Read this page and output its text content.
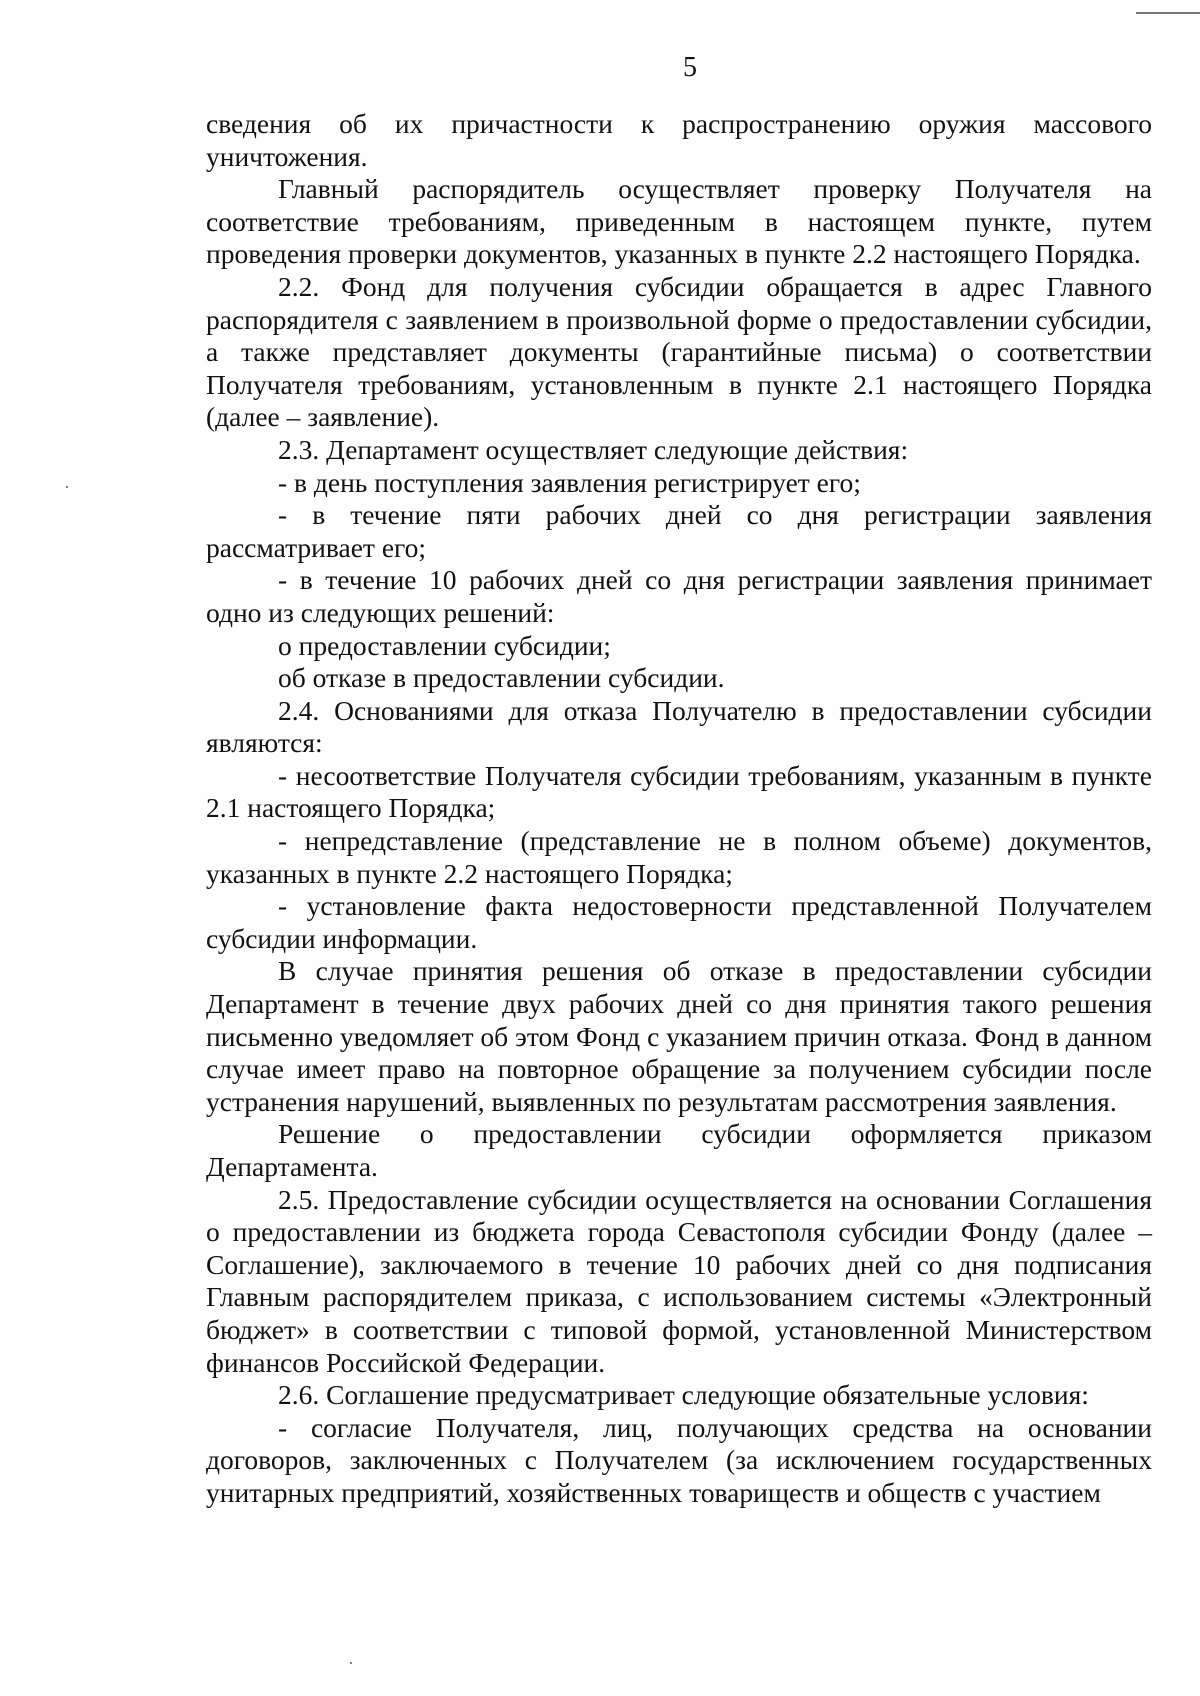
5

сведения об их причастности к распространению оружия массового уничтожения.

Главный распорядитель осуществляет проверку Получателя на соответствие требованиям, приведенным в настоящем пункте, путем проведения проверки документов, указанных в пункте 2.2 настоящего Порядка.

2.2. Фонд для получения субсидии обращается в адрес Главного распорядителя с заявлением в произвольной форме о предоставлении субсидии, а также представляет документы (гарантийные письма) о соответствии Получателя требованиям, установленным в пункте 2.1 настоящего Порядка (далее – заявление).

2.3. Департамент осуществляет следующие действия:

- в день поступления заявления регистрирует его;

- в течение пяти рабочих дней со дня регистрации заявления рассматривает его;

- в течение 10 рабочих дней со дня регистрации заявления принимает одно из следующих решений:

о предоставлении субсидии;

об отказе в предоставлении субсидии.

2.4. Основаниями для отказа Получателю в предоставлении субсидии являются:

- несоответствие Получателя субсидии требованиям, указанным в пункте 2.1 настоящего Порядка;

- непредставление (представление не в полном объеме) документов, указанных в пункте 2.2 настоящего Порядка;

- установление факта недостоверности представленной Получателем субсидии информации.

В случае принятия решения об отказе в предоставлении субсидии Департамент в течение двух рабочих дней со дня принятия такого решения письменно уведомляет об этом Фонд с указанием причин отказа. Фонд в данном случае имеет право на повторное обращение за получением субсидии после устранения нарушений, выявленных по результатам рассмотрения заявления.

Решение о предоставлении субсидии оформляется приказом Департамента.

2.5. Предоставление субсидии осуществляется на основании Соглашения о предоставлении из бюджета города Севастополя субсидии Фонду (далее – Соглашение), заключаемого в течение 10 рабочих дней со дня подписания Главным распорядителем приказа, с использованием системы «Электронный бюджет» в соответствии с типовой формой, установленной Министерством финансов Российской Федерации.

2.6. Соглашение предусматривает следующие обязательные условия:

- согласие Получателя, лиц, получающих средства на основании договоров, заключенных с Получателем (за исключением государственных унитарных предприятий, хозяйственных товариществ и обществ с участием
